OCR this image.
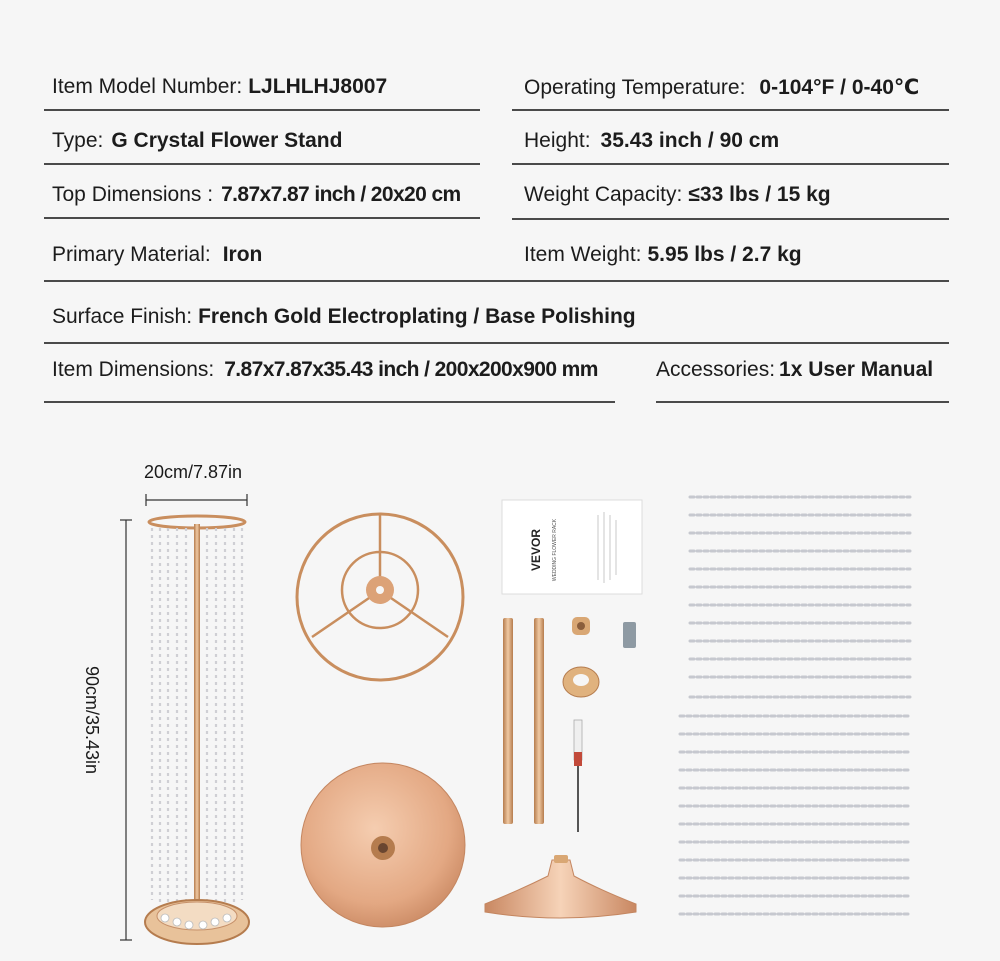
Item Model Number: LJLHLHJ8007	Operating Temperature: 0-104°F / 0-40℃
Type: G Crystal Flower Stand	Height: 35.43 inch / 90 cm
Top Dimensions : 7.87x7.87 inch / 20x20 cm	Weight Capacity: ≤33 lbs / 15 kg
Primary Material: Iron	Item Weight: 5.95 lbs / 2.7 kg
Surface Finish: French Gold Electroplating / Base Polishing
Item Dimensions: 7.87x7.87x35.43 inch / 200x200x900 mm	Accessories: 1x User Manual
20cm/7.87in
90cm/35.43in
VEVOR WEDDING FLOWER RACK
